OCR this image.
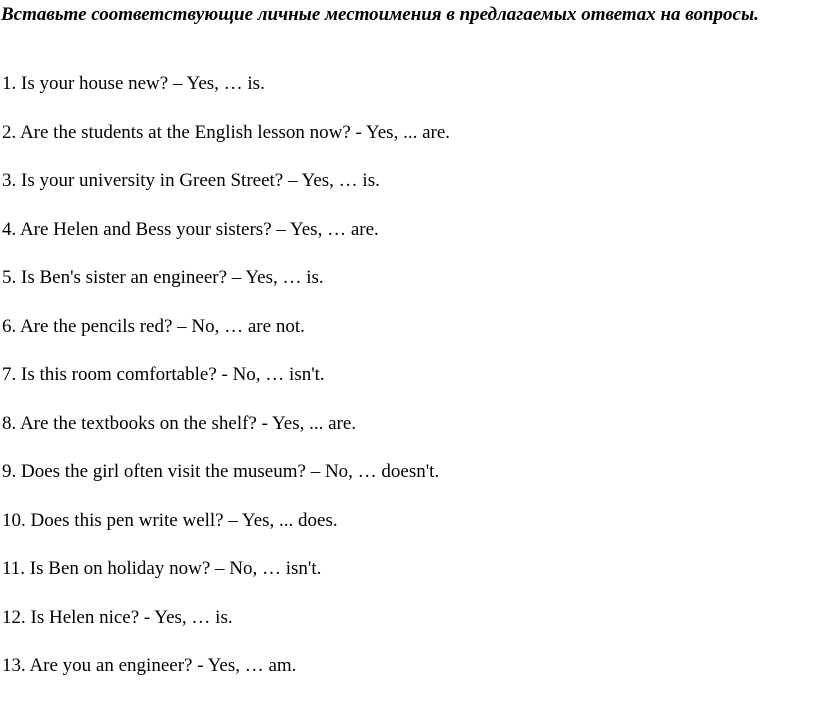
Вставьте соответствующие личные местоимения в предлагаемых ответах на вопросы.

1. Is your house new? – Yes, … is.
2. Are the students at the English lesson now? - Yes, ... are.
3. Is your university in Green Street? – Yes, … is.
4. Are Helen and Bess your sisters? – Yes, … are.
5. Is Ben's sister an engineer? – Yes, … is.
6. Are the pencils red? – No, … are not.
7. Is this room comfortable? - No, … isn't.
8. Are the textbooks on the shelf? - Yes, ... are.
9. Does the girl often visit the museum? – No, … doesn't.
10. Does this pen write well? – Yes, ... does.
11. Is Ben on holiday now? – No, … isn't.
12. Is Helen nice? - Yes, … is.
13. Are you an engineer? - Yes, … am.
